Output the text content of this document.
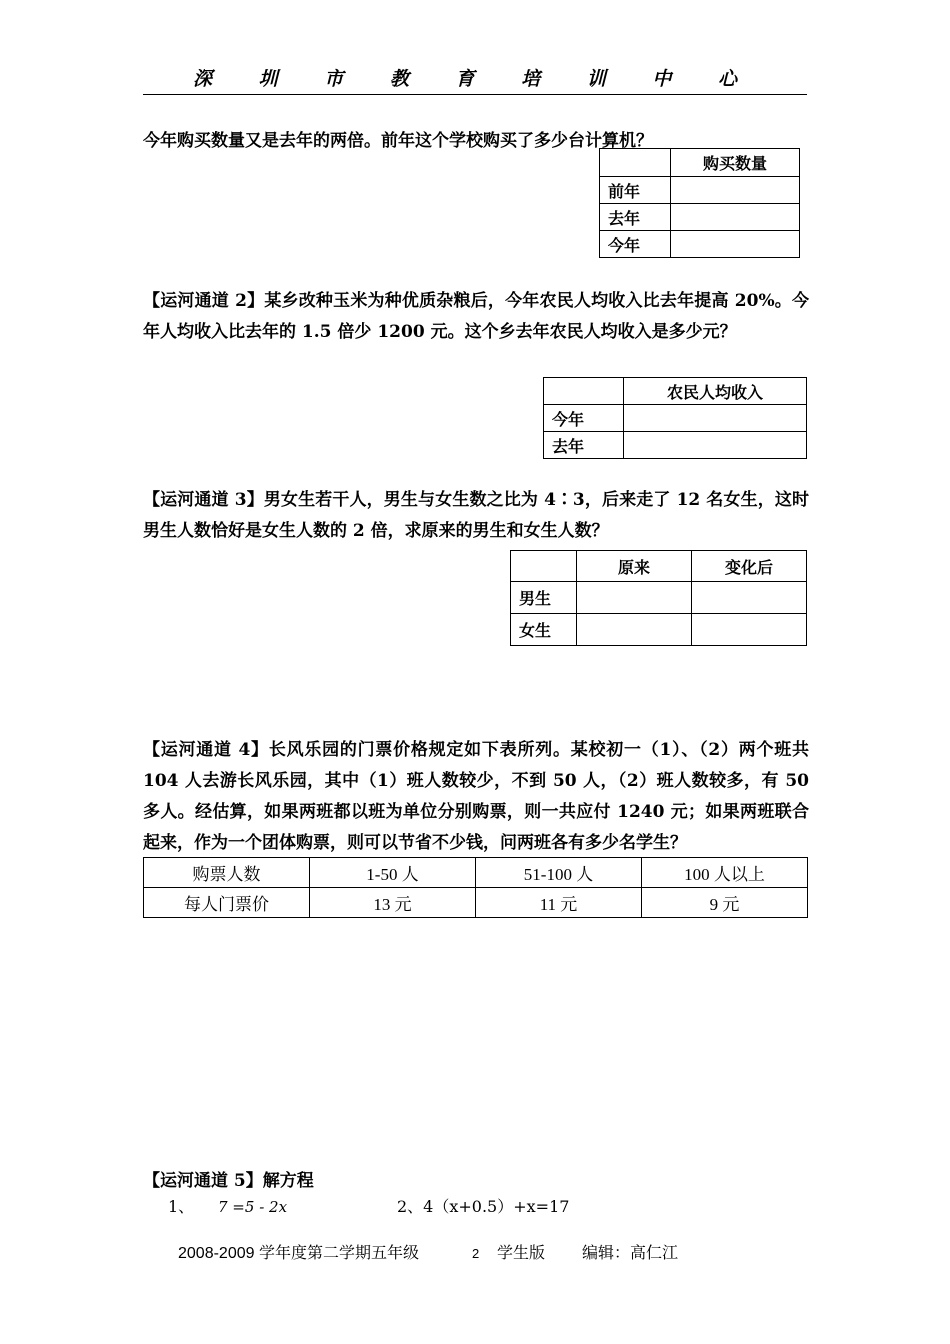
深 圳 市 教 育 培 训 中 心
今年购买数量又是去年的两倍。前年这个学校购买了多少台计算机？
	购买数量
前年	
去年	
今年	
【运河通道 2】某乡改种玉米为种优质杂粮后，今年农民人均收入比去年提高 20%。今年人均收入比去年的 1.5 倍少 1200 元。这个乡去年农民人均收入是多少元？
	农民人均收入
今年	
去年	
【运河通道 3】男女生若干人，男生与女生数之比为 4∶3，后来走了 12 名女生，这时男生人数恰好是女生人数的 2 倍，求原来的男生和女生人数？
	原来	变化后
男生		
女生		
【运河通道 4】长风乐园的门票价格规定如下表所列。某校初一（1）、（2）两个班共 104 人去游长风乐园，其中（1）班人数较少，不到 50 人，（2）班人数较多，有 50 多人。经估算，如果两班都以班为单位分别购票，则一共应付 1240 元；如果两班联合起来，作为一个团体购票，则可以节省不少钱，问两班各有多少名学生？
购票人数	1-50 人	51-100 人	100 人以上
每人门票价	13 元	11 元	9 元
【运河通道 5】解方程
1、 7 =5 - 2x	2、4（x+0.5）+x=17
2008-2009 学年度第二学期五年级	2 学生版 编辑：高仁江
